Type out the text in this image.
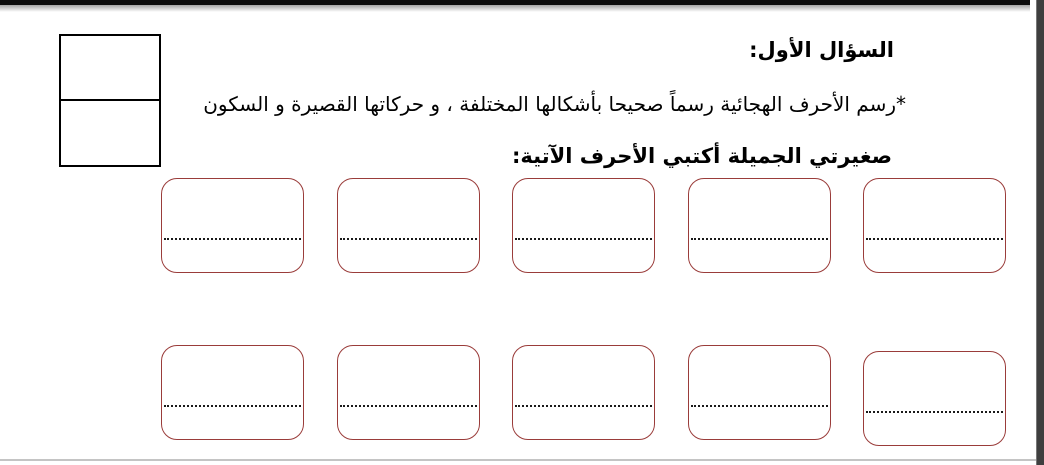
السؤال الأول:
*رسم الأحرف الهجائية رسماً صحيحا بأشكالها المختلفة ، و حركاتها القصيرة و السكون
صغيرتي الجميلة أكتبي الأحرف الآتية:
